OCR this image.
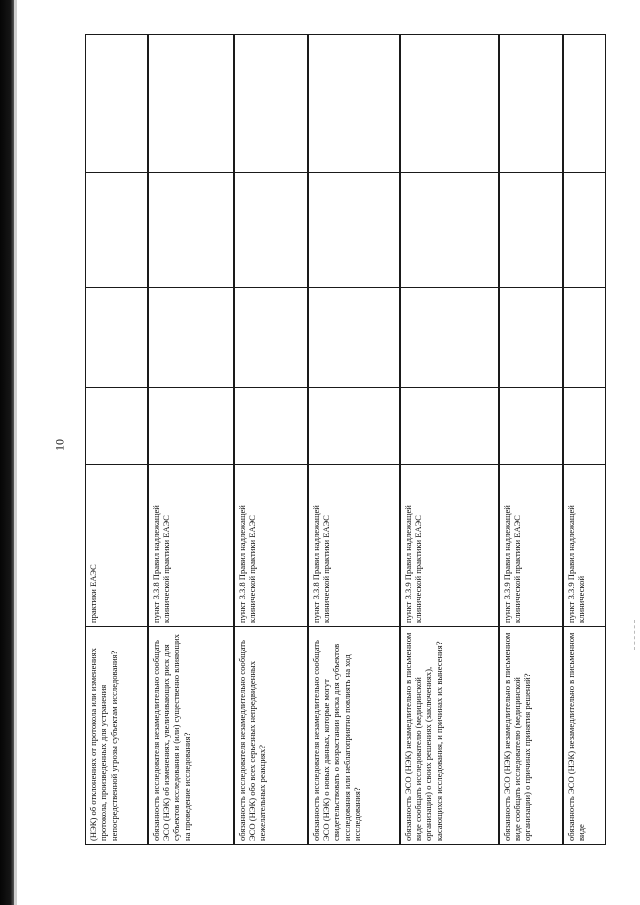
10
(НЭК) об отклонениях от протокола или изменениях протокола, произведенных для устранения непосредственной угрозы субъектам исследования?	практики ЕАЭС				
обязанность исследователя незамедлительно сообщать ЭСО (НЭК) об изменениях, увеличивающих риск для субъектов исследования и (или) существенно влияющих на проведение исследования?	пункт 3.3.8 Правил надлежащей клинической практики ЕАЭС				
обязанность исследователя незамедлительно сообщать ЭСО (НЭК) обо всех серьезных непредвиденных нежелательных реакциях?	пункт 3.3.8 Правил надлежащей клинической практики ЕАЭС				
обязанность исследователя незамедлительно сообщать ЭСО (НЭК) о новых данных, которые могут свидетельствовать о возрастании риска для субъектов исследования или неблагоприятно повлиять на ход исследования?	пункт 3.3.8 Правил надлежащей клинической практики ЕАЭС				
обязанность ЭСО (НЭК) незамедлительно в письменном виде сообщать исследователю (медицинской организации) о своих решениях (заключениях), касающихся исследования, и причинах их вынесения?	пункт 3.3.9 Правил надлежащей клинической практики ЕАЭС				
обязанность ЭСО (НЭК) незамедлительно в письменном виде сообщать исследователю (медицинской организации) о причинах принятия решений?	пункт 3.3.9 Правил надлежащей клинической практики ЕАЭС				
обязанность ЭСО (НЭК) незамедлительно в письменном виде	пункт 3.3.9 Правил надлежащей клинической				
